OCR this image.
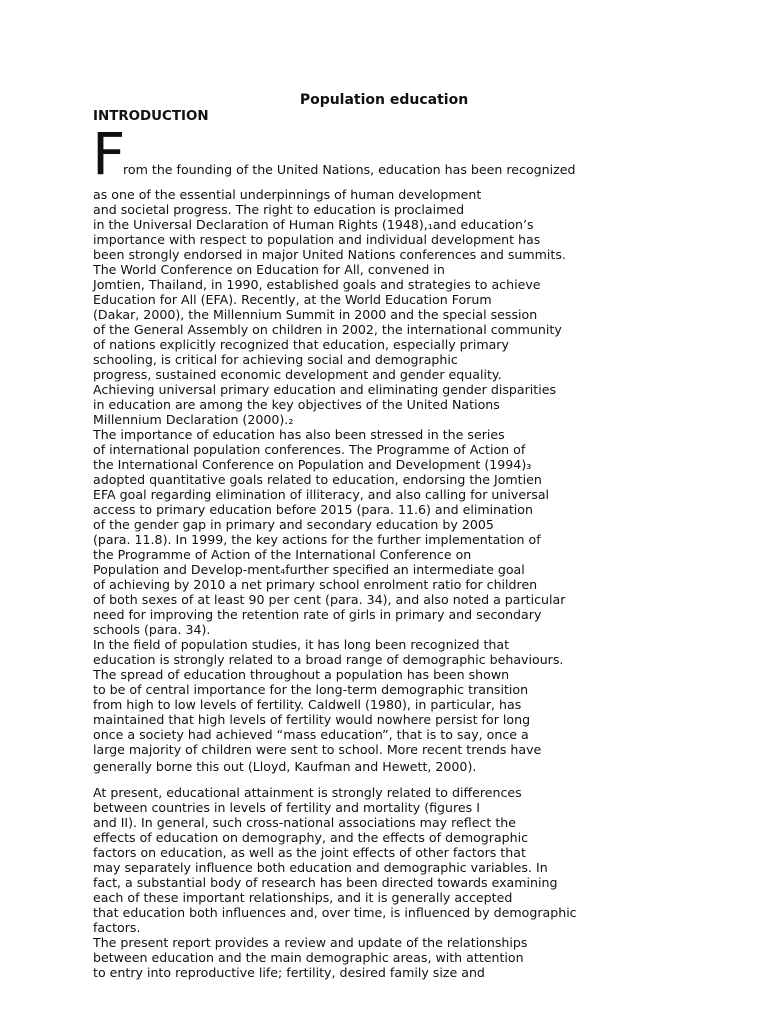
Population education
INTRODUCTION
F
rom the founding of the United Nations, education has been recognized
as one of the essential underpinnings of human development
and societal progress. The right to education is proclaimed
in the Universal Declaration of Human Rights (1948),₁and education’s
importance with respect to population and individual development has
been strongly endorsed in major United Nations conferences and summits.
The World Conference on Education for All, convened in
Jomtien, Thailand, in 1990, established goals and strategies to achieve
Education for All (EFA). Recently, at the World Education Forum
(Dakar, 2000), the Millennium Summit in 2000 and the special session
of the General Assembly on children in 2002, the international community
of nations explicitly recognized that education, especially primary
schooling, is critical for achieving social and demographic
progress, sustained economic development and gender equality.
Achieving universal primary education and eliminating gender disparities
in education are among the key objectives of the United Nations
Millennium Declaration (2000).₂
The importance of education has also been stressed in the series
of international population conferences. The Programme of Action of
the International Conference on Population and Development (1994)₃
adopted quantitative goals related to education, endorsing the Jomtien
EFA goal regarding elimination of illiteracy, and also calling for universal
access to primary education before 2015 (para. 11.6) and elimination
of the gender gap in primary and secondary education by 2005
(para. 11.8). In 1999, the key actions for the further implementation of
the Programme of Action of the International Conference on
Population and Develop-ment₄further specified an intermediate goal
of achieving by 2010 a net primary school enrolment ratio for children
of both sexes of at least 90 per cent (para. 34), and also noted a particular
need for improving the retention rate of girls in primary and secondary
schools (para. 34).
In the field of population studies, it has long been recognized that
education is strongly related to a broad range of demographic behaviours.
The spread of education throughout a population has been shown
to be of central importance for the long-term demographic transition
from high to low levels of fertility. Caldwell (1980), in particular, has
maintained that high levels of fertility would nowhere persist for long
once a society had achieved “mass education”, that is to say, once a
large majority of children were sent to school. More recent trends have
generally borne this out (Lloyd, Kaufman and Hewett, 2000).
At present, educational attainment is strongly related to differences
between countries in levels of fertility and mortality (figures I
and II). In general, such cross-national associations may reflect the
effects of education on demography, and the effects of demographic
factors on education, as well as the joint effects of other factors that
may separately influence both education and demographic variables. In
fact, a substantial body of research has been directed towards examining
each of these important relationships, and it is generally accepted
that education both influences and, over time, is influenced by demographic
factors.
The present report provides a review and update of the relationships
between education and the main demographic areas, with attention
to entry into reproductive life; fertility, desired family size and
